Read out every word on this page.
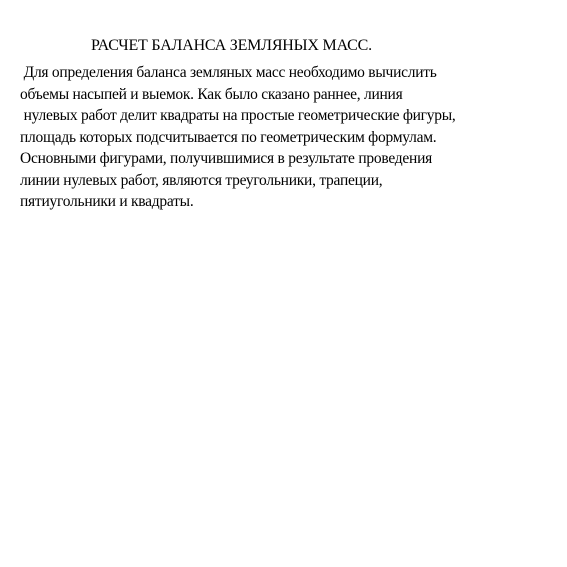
РАСЧЕТ БАЛАНСА ЗЕМЛЯНЫХ МАСС.
Для определения баланса земляных масс необходимо вычислить
объемы насыпей и выемок. Как было сказано раннее, линия
нулевых работ делит квадраты на простые геометрические фигуры,
площадь которых подсчитывается по геометрическим формулам.
Основными фигурами, получившимися в результате проведения
линии нулевых работ, являются треугольники, трапеции,
пятиугольники и квадраты.
